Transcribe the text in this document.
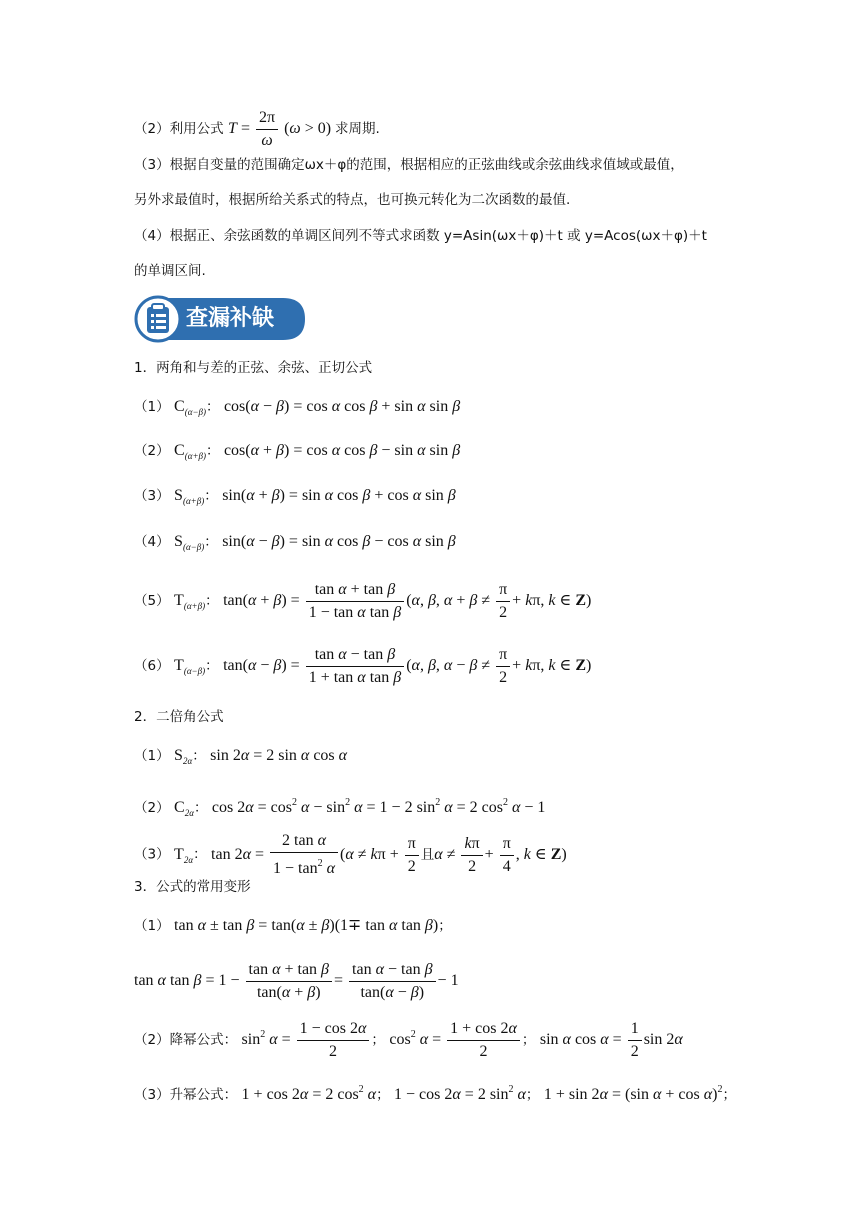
（2）利用公式 $T = \frac{2\pi}{\omega} (\omega > 0)$ 求周期.
（3）根据自变量的范围确定ωx＋φ的范围，根据相应的正弦曲线或余弦曲线求值域或最值，
另外求最值时，根据所给关系式的特点，也可换元转化为二次函数的最值.
（4）根据正、余弦函数的单调区间列不等式求函数 y=Asin(ωx＋φ)＋t 或 y=Acos(ωx＋φ)＋t
的单调区间.
查漏补缺
1．两角和与差的正弦、余弦、正切公式
（1） $C_{(\alpha-\beta)}$： cos(α − β) = cos α cos β + sin α sin β
（2） $C_{(\alpha+\beta)}$： cos(α + β) = cos α cos β − sin α sin β
（3） $S_{(\alpha+\beta)}$： sin(α + β) = sin α cos β + cos α sin β
（4） $S_{(\alpha-\beta)}$： sin(α − β) = sin α cos β − cos α sin β
（5） $T_{(\alpha+\beta)}$： $\tan(\alpha + \beta) = \frac{\text{tan α + tan β}}{\text{1 − tan α tan β}} (\alpha$, β, $\alpha + \beta \ne \frac{\pi}{2} + k\pi$, k ∈ Z)
（6） $T_{(\alpha-\beta)}$： $\tan(\alpha - \beta) = \frac{\text{tan α − tan β}}{\text{1 + tan α tan β}} (\alpha$, β, $\alpha - \beta \ne \frac{\pi}{2} + k\pi$, k ∈ Z)
2．二倍角公式
（1） $S_{2\alpha}$： sin 2α = 2 sin α cos α
（2） $C_{2\alpha}$： $\cos 2\alpha = \cos^2 \alpha - \sin^2 \alpha = 1 - 2$ $\sin^2 \alpha = 2$ $\cos^2 \alpha - 1$
（3） $T_{2\alpha}$： $\tan 2\alpha = \frac{\text{2 tan α}}{1 - \tan^2 \alpha} (\alpha \ne k\pi + \frac{\pi}{2}$ 且$\alpha \ne \frac{k\pi}{2} + \frac{\pi}{4}$ , k ∈ Z)
3．公式的常用变形
（1） tan α ± tan β = tan(α ± β)(1∓ tan α tan β)；
tan α $\tan \beta = 1 - \frac{\text{tan α + tan β}}{\tan(\alpha + \beta)} = \frac{\text{tan α − tan β}}{\tan(\alpha - \beta)} - 1$
（2）降幂公式： $\sin^2 \alpha = \frac{1 - \cos 2\alpha}{2}$ ； $\cos^2 \alpha = \frac{1 + \cos 2\alpha}{2}$ ； sin α $\cos \alpha = \frac{1}{2}$ sin 2α
（3）升幂公式： 1 + cos 2α = 2 $\cos^2 \alpha$； 1 − cos 2α = 2 $\sin^2 \alpha$； 1 + sin 2α = (sin α + cos α)$^2$；
